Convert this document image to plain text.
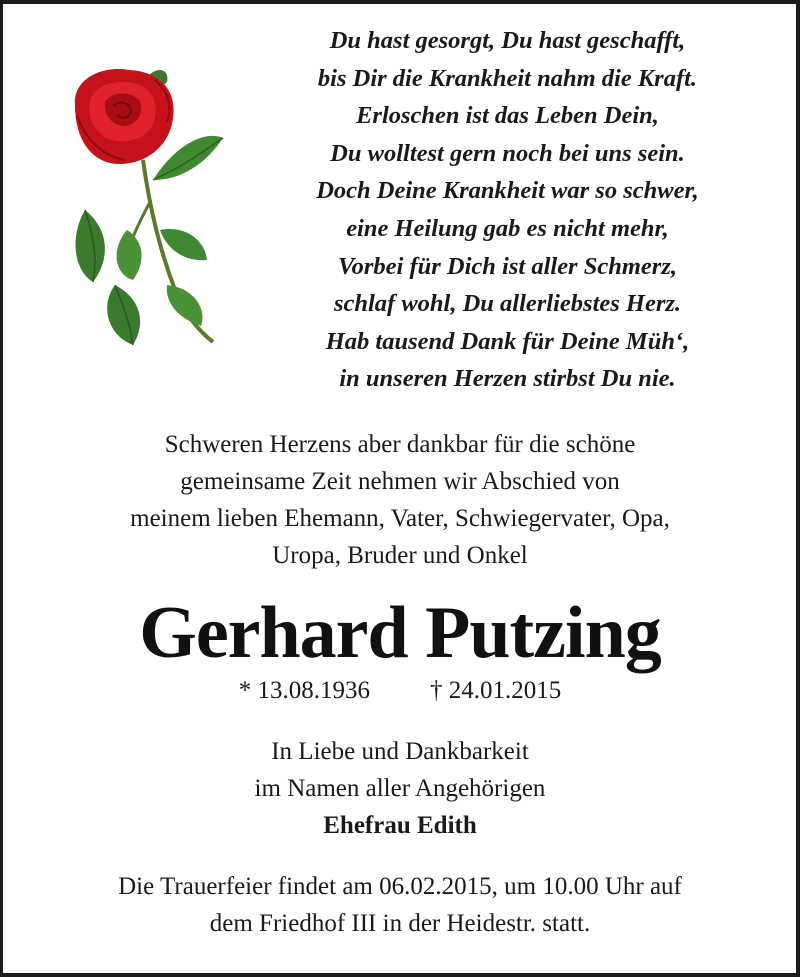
Du hast gesorgt, Du hast geschafft,
bis Dir die Krankheit nahm die Kraft.
Erloschen ist das Leben Dein,
Du wolltest gern noch bei uns sein.
Doch Deine Krankheit war so schwer,
eine Heilung gab es nicht mehr,
Vorbei für Dich ist aller Schmerz,
schlaf wohl, Du allerliebstes Herz.
Hab tausend Dank für Deine Müh‘,
in unseren Herzen stirbst Du nie.
Schweren Herzens aber dankbar für die schöne
gemeinsame Zeit nehmen wir Abschied von
meinem lieben Ehemann, Vater, Schwiegervater, Opa,
Uropa, Bruder und Onkel
Gerhard Putzing
* 13.08.1936 † 24.01.2015
In Liebe und Dankbarkeit
im Namen aller Angehörigen
Ehefrau Edith
Die Trauerfeier findet am 06.02.2015, um 10.00 Uhr auf
dem Friedhof III in der Heidestr. statt.
